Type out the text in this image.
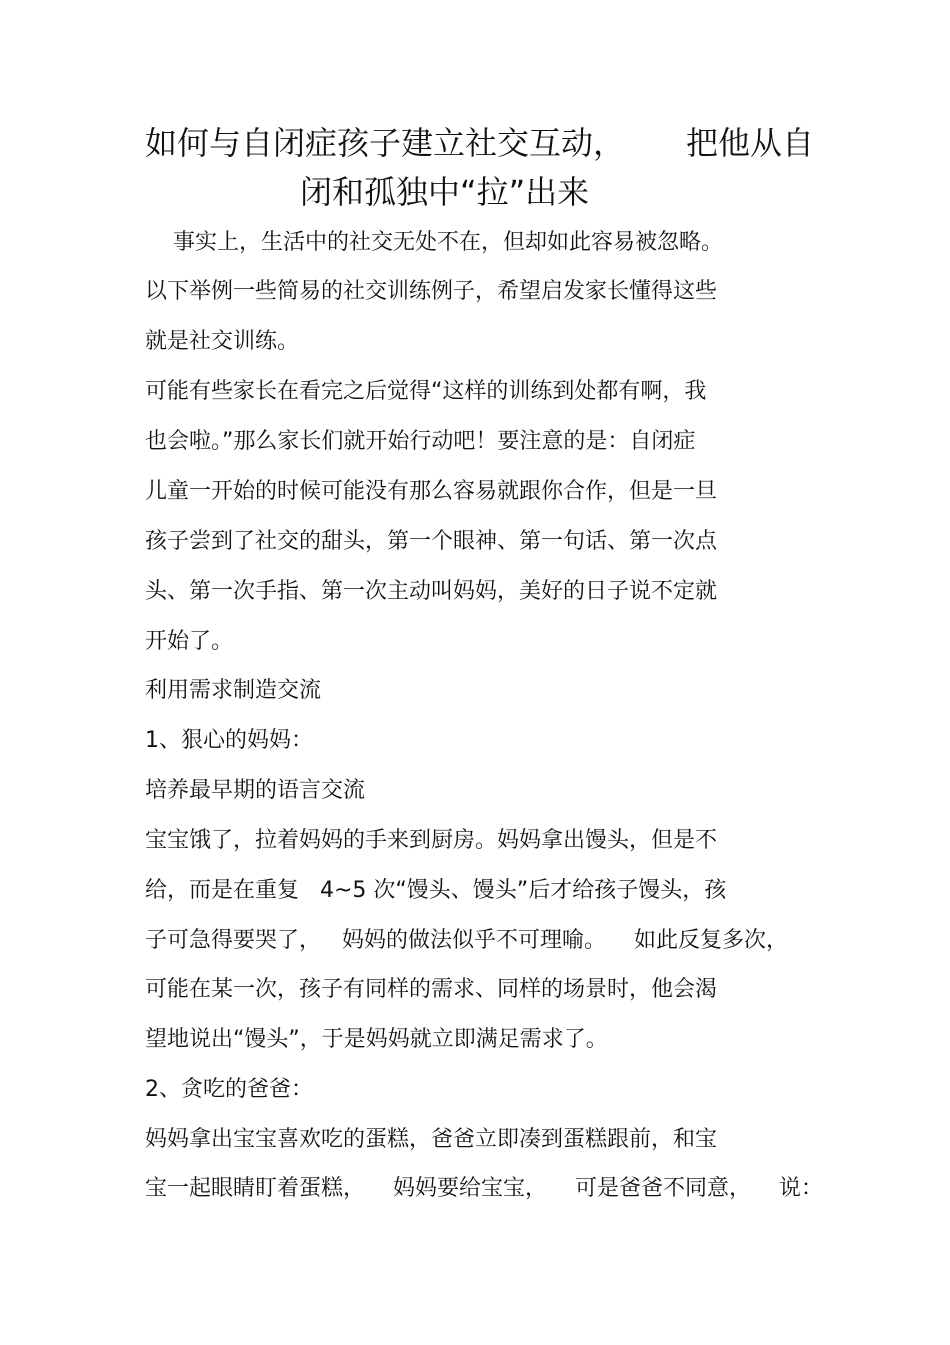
如何与自闭症孩子建立社交互动，      把他从自
闭和孤独中“拉”出来
事实上，生活中的社交无处不在，但却如此容易被忽略。
以下举例一些简易的社交训练例子，希望启发家长懂得这些
就是社交训练。
可能有些家长在看完之后觉得“这样的训练到处都有啊，我
也会啦。”那么家长们就开始行动吧！要注意的是：自闭症
儿童一开始的时候可能没有那么容易就跟你合作，但是一旦
孩子尝到了社交的甜头，第一个眼神、第一句话、第一次点
头、第一次手指、第一次主动叫妈妈，美好的日子说不定就
开始了。
利用需求制造交流
1、狠心的妈妈：
培养最早期的语言交流
宝宝饿了，拉着妈妈的手来到厨房。妈妈拿出馒头，但是不
给，而是在重复   4~5 次“馒头、馒头”后才给孩子馒头，孩
子可急得要哭了，   妈妈的做法似乎不可理喻。    如此反复多次，
可能在某一次，孩子有同样的需求、同样的场景时，他会渴
望地说出“馒头”，于是妈妈就立即满足需求了。
2、贪吃的爸爸：
妈妈拿出宝宝喜欢吃的蛋糕，爸爸立即凑到蛋糕跟前，和宝
宝一起眼睛盯着蛋糕，    妈妈要给宝宝，    可是爸爸不同意，    说：
